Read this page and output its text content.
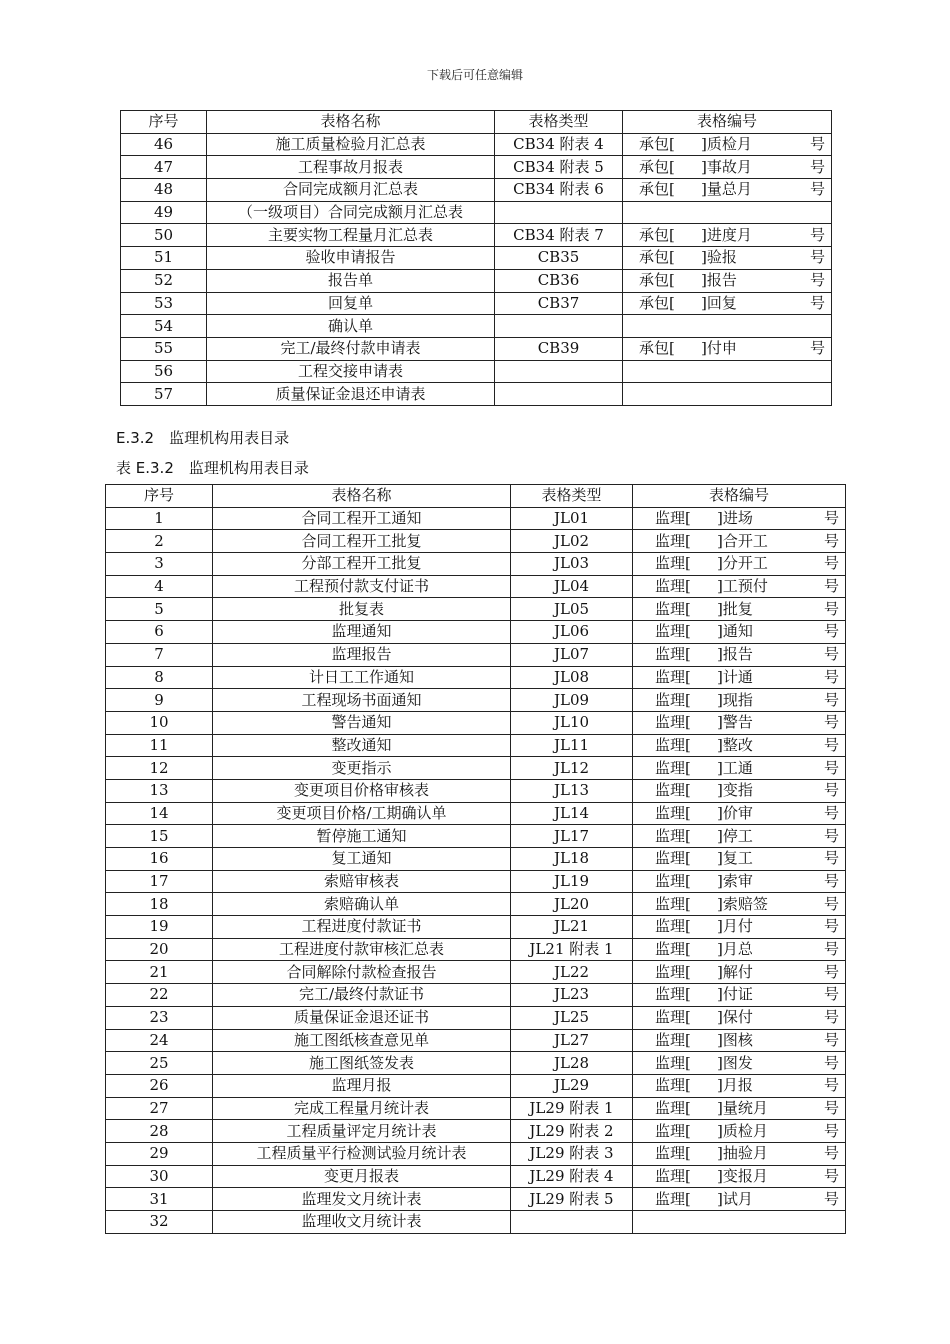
下载后可任意编辑
序号	表格名称	表格类型	表格编号
46	施工质量检验月汇总表	CB34 附表 4	承包[ ]质检月 号

47	工程事故月报表	CB34 附表 5	承包[ ]事故月 号

48	合同完成额月汇总表	CB34 附表 6	承包[ ]量总月 号

49	（一级项目）合同完成额月汇总表		

50	主要实物工程量月汇总表	CB34 附表 7	承包[ ]进度月 号

51	验收申请报告	CB35	承包[ ]验报 号

52	报告单	CB36	承包[ ]报告 号

53	回复单	CB37	承包[ ]回复 号

54	确认单		

55	完工/最终付款申请表	CB39	承包[ ]付申 号

56	工程交接申请表		

57	质量保证金退还申请表		
E.3.2　监理机构用表目录
表 E.3.2　监理机构用表目录
序号	表格名称	表格类型	表格编号
1	合同工程开工通知	JL01	监理[ ]进场 号

2	合同工程开工批复	JL02	监理[ ]合开工 号

3	分部工程开工批复	JL03	监理[ ]分开工 号

4	工程预付款支付证书	JL04	监理[ ]工预付 号

5	批复表	JL05	监理[ ]批复 号

6	监理通知	JL06	监理[ ]通知 号

7	监理报告	JL07	监理[ ]报告 号

8	计日工工作通知	JL08	监理[ ]计通 号

9	工程现场书面通知	JL09	监理[ ]现指 号

10	警告通知	JL10	监理[ ]警告 号

11	整改通知	JL11	监理[ ]整改 号

12	变更指示	JL12	监理[ ]工通 号

13	变更项目价格审核表	JL13	监理[ ]变指 号

14	变更项目价格/工期确认单	JL14	监理[ ]价审 号

15	暂停施工通知	JL17	监理[ ]停工 号

16	复工通知	JL18	监理[ ]复工 号

17	索赔审核表	JL19	监理[ ]索审 号

18	索赔确认单	JL20	监理[ ]索赔签 号

19	工程进度付款证书	JL21	监理[ ]月付 号

20	工程进度付款审核汇总表	JL21 附表 1	监理[ ]月总 号

21	合同解除付款检查报告	JL22	监理[ ]解付 号

22	完工/最终付款证书	JL23	监理[ ]付证 号

23	质量保证金退还证书	JL25	监理[ ]保付 号

24	施工图纸核查意见单	JL27	监理[ ]图核 号

25	施工图纸签发表	JL28	监理[ ]图发 号

26	监理月报	JL29	监理[ ]月报 号

27	完成工程量月统计表	JL29 附表 1	监理[ ]量统月 号

28	工程质量评定月统计表	JL29 附表 2	监理[ ]质检月 号

29	工程质量平行检测试验月统计表	JL29 附表 3	监理[ ]抽验月 号

30	变更月报表	JL29 附表 4	监理[ ]变报月 号

31	监理发文月统计表	JL29 附表 5	监理[ ]试月 号

32	监理收文月统计表		
